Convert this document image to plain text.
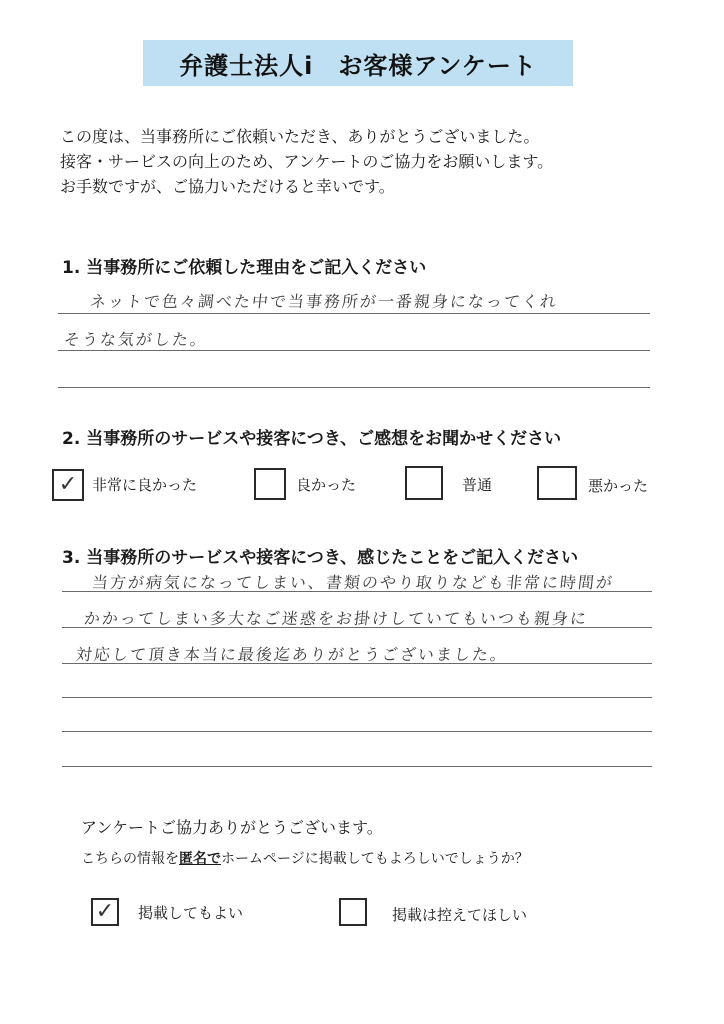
弁護士法人i　お客様アンケート
この度は、当事務所にご依頼いただき、ありがとうございました。
接客・サービスの向上のため、アンケートのご協力をお願いします。
お手数ですが、ご協力いただけると幸いです。
1. 当事務所にご依頼した理由をご記入ください
ネットで色々調べた中で当事務所が一番親身になってくれ
そうな気がした。
2. 当事務所のサービスや接客につき、ご感想をお聞かせください
✓ 非常に良かった	良かった	普通	悪かった
3. 当事務所のサービスや接客につき、感じたことをご記入ください
当方が病気になってしまい、書類のやり取りなども非常に時間が
かかってしまい多大なご迷惑をお掛けしていてもいつも親身に
対応して頂き本当に最後迄ありがとうございました。
アンケートご協力ありがとうございます。
こちらの情報を匿名でホームページに掲載してもよろしいでしょうか？
✓ 掲載してもよい	掲載は控えてほしい
